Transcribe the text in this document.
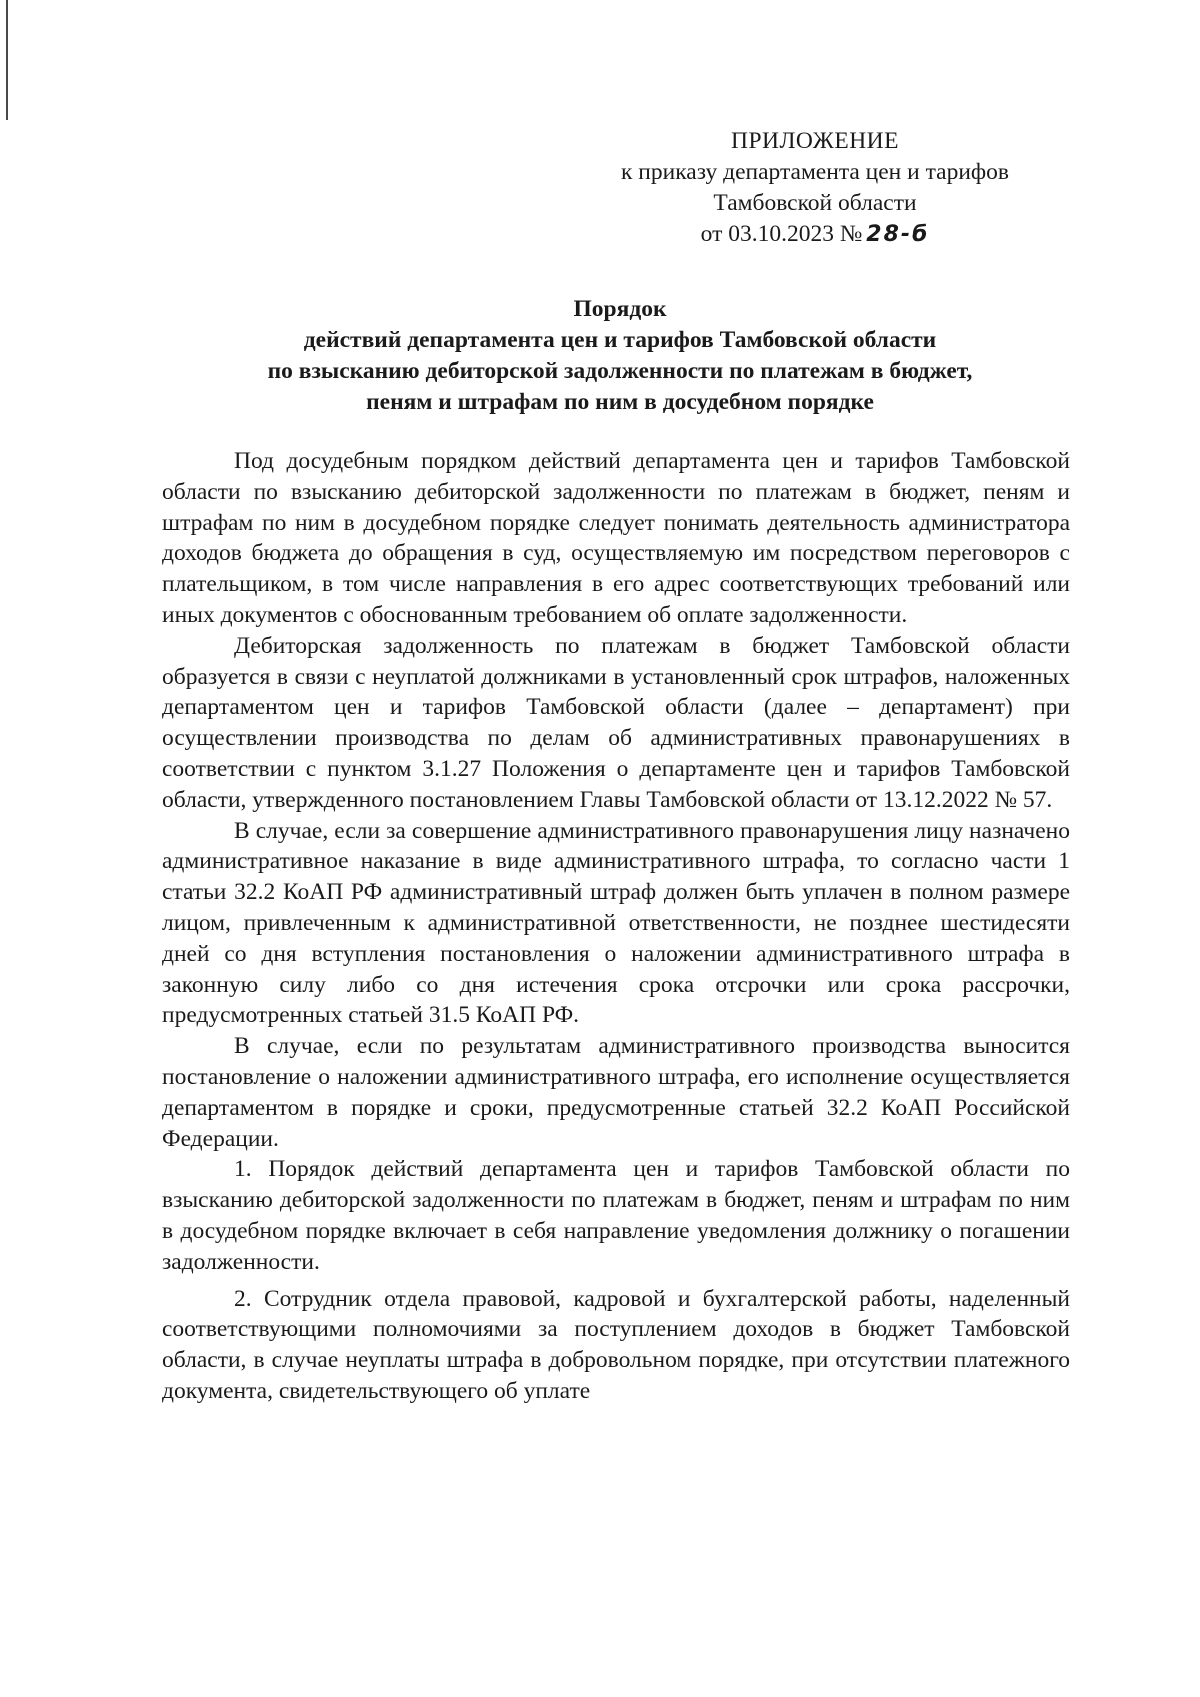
ПРИЛОЖЕНИЕ
к приказу департамента цен и тарифов
Тамбовской области
от 03.10.2023 № 28-б
Порядок
действий департамента цен и тарифов Тамбовской области
по взысканию дебиторской задолженности по платежам в бюджет,
пеням и штрафам по ним в досудебном порядке

Под досудебным порядком действий департамента цен и тарифов Тамбовской области по взысканию дебиторской задолженности по платежам в бюджет, пеням и штрафам по ним в досудебном порядке следует понимать деятельность администратора доходов бюджета до обращения в суд, осуществляемую им посредством переговоров с плательщиком, в том числе направления в его адрес соответствующих требований или иных документов с обоснованным требованием об оплате задолженности.

Дебиторская задолженность по платежам в бюджет Тамбовской области образуется в связи с неуплатой должниками в установленный срок штрафов, наложенных департаментом цен и тарифов Тамбовской области (далее – департамент) при осуществлении производства по делам об административных правонарушениях в соответствии с пунктом 3.1.27 Положения о департаменте цен и тарифов Тамбовской области, утвержденного постановлением Главы Тамбовской области от 13.12.2022 № 57.

В случае, если за совершение административного правонарушения лицу назначено административное наказание в виде административного штрафа, то согласно части 1 статьи 32.2 КоАП РФ административный штраф должен быть уплачен в полном размере лицом, привлеченным к административной ответственности, не позднее шестидесяти дней со дня вступления постановления о наложении административного штрафа в законную силу либо со дня истечения срока отсрочки или срока рассрочки, предусмотренных статьей 31.5 КоАП РФ.

В случае, если по результатам административного производства выносится постановление о наложении административного штрафа, его исполнение осуществляется департаментом в порядке и сроки, предусмотренные статьей 32.2 КоАП Российской Федерации.

1. Порядок действий департамента цен и тарифов Тамбовской области по взысканию дебиторской задолженности по платежам в бюджет, пеням и штрафам по ним в досудебном порядке включает в себя направление уведомления должнику о погашении задолженности.

2. Сотрудник отдела правовой, кадровой и бухгалтерской работы, наделенный соответствующими полномочиями за поступлением доходов в бюджет Тамбовской области, в случае неуплаты штрафа в добровольном порядке, при отсутствии платежного документа, свидетельствующего об уплате
